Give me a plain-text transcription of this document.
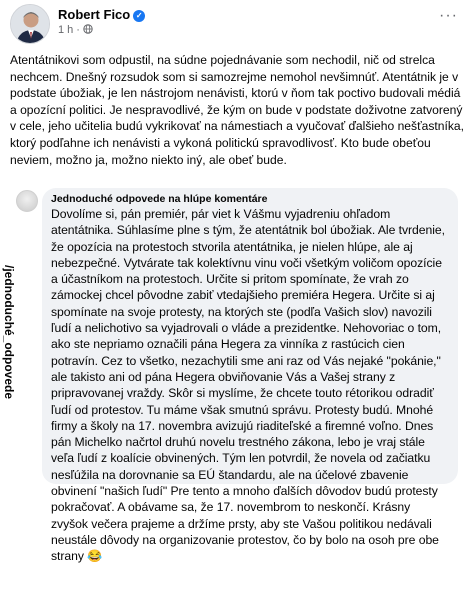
Robert Fico ✓
1 h ·
···
Atentátnikovi som odpustil, na súdne pojednávanie som nechodil, nič od strelca nechcem. Dnešný rozsudok som si samozrejme nemohol nevšimnúť. Atentátnik je v podstate úbožiak, je len nástrojom nenávisti, ktorú v ňom tak poctivo budovali médiá a opozícní politici. Je nespravodlivé, že kým on bude v podstate doživotne zatvorený v cele, jeho učitelia budú vykrikovať na námestiach a vyučovať ďalšieho nešťastníka, ktorý podľahne ich nenávisti a vykoná politickú spravodlivosť. Kto bude obeťou neviem, možno ja, možno niekto iný, ale obeť bude.
/jednoduché_odpovede
Jednoduché odpovede na hlúpe komentáre
Dovolíme si, pán premiér, pár viet k Vášmu vyjadreniu ohľadom atentátnika. Súhlasíme plne s tým, že atentátnik bol úbožiak. Ale tvrdenie, že opozícia na protestoch stvorila atentátnika, je nielen hlúpe, ale aj nebezpečné. Vytvárate tak kolektívnu vinu voči všetkým voličom opozície a účastníkom na protestoch. Určite si pritom spomínate, že vrah zo zámockej chcel pôvodne zabiť vtedajšieho premiéra Hegera. Určite si aj spomínate na svoje protesty, na ktorých ste (podľa Vašich slov) navozili ľudí a nelichotivo sa vyjadrovali o vláde a prezidentke. Nehovoriac o tom, ako ste nepriamo označili pána Hegera za vinníka z rastúcich cien potravín. Cez to všetko, nezachytili sme ani raz od Vás nejaké "pokánie," ale takisto ani od pána Hegera obviňovanie Vás a Vašej strany z pripravovanej vraždy. Skôr si myslíme, že chcete touto rétorikou odradiť ľudí od protestov. Tu máme však smutnú správu. Protesty budú. Mnohé firmy a školy na 17. novembra avizujú riaditeľské a firemné voľno. Dnes pán Michelko načrtol druhú novelu trestného zákona, lebo je vraj stále veľa ľudí z koalície obvinených. Tým len potvrdil, že novela od začiatku nesľúžila na dorovnanie sa EÚ štandardu, ale na účelové zbavenie obvinení "našich ľudí" Pre tento a mnoho ďalších dôvodov budú protesty pokračovať. A obávame sa, že 17. novembrom to neskončí. Krásny zvyšok večera prajeme a držíme prsty, aby ste Vašou politikou nedávali neustále dôvody na organizovanie protestov, čo by bolo na osoh pre obe strany 😂
